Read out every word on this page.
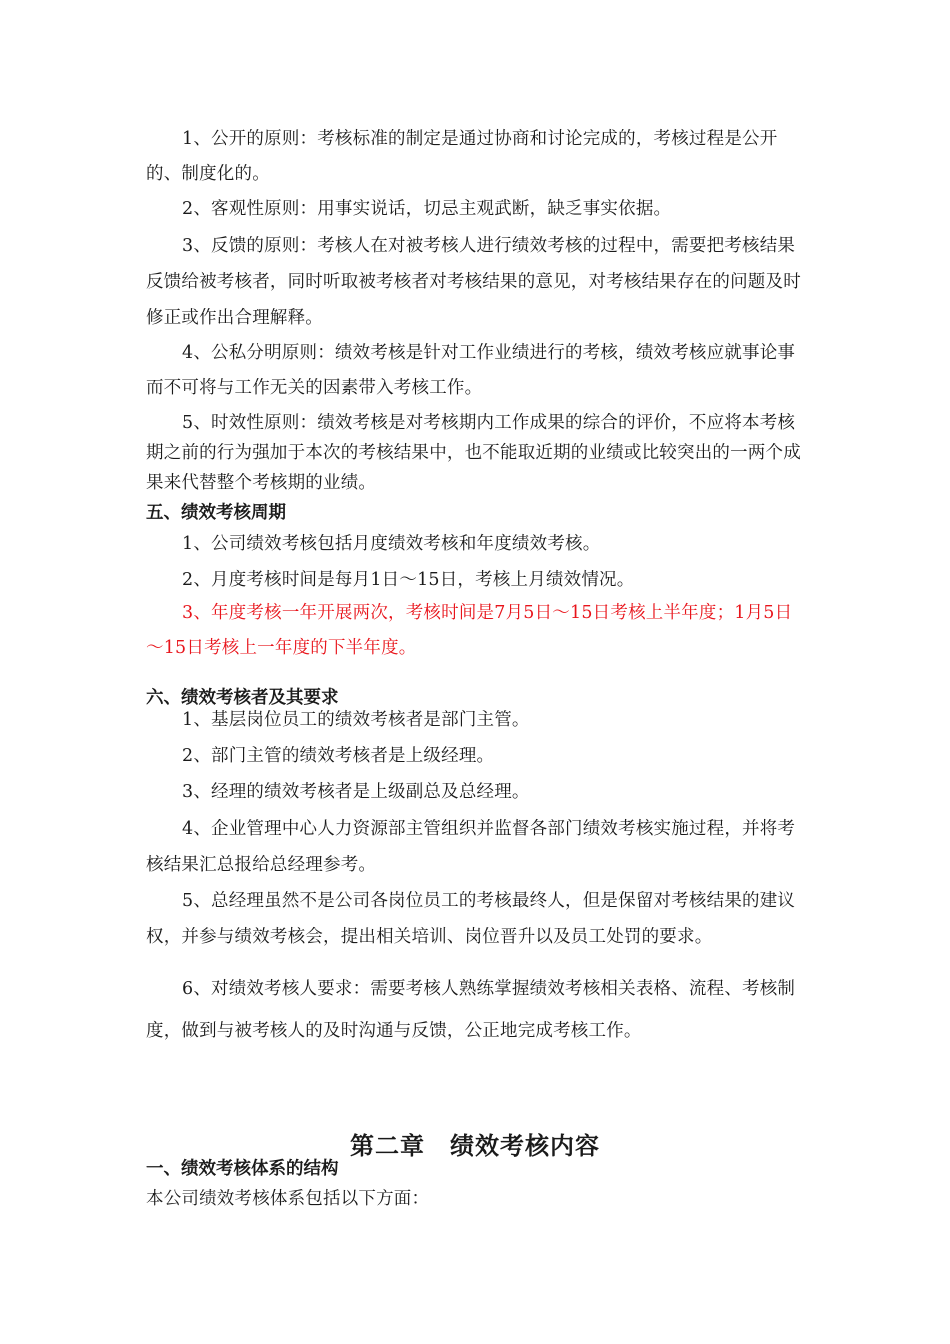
1、公开的原则：考核标准的制定是通过协商和讨论完成的，考核过程是公开的、制度化的。

2、客观性原则：用事实说话，切忌主观武断，缺乏事实依据。

3、反馈的原则：考核人在对被考核人进行绩效考核的过程中，需要把考核结果反馈给被考核者，同时听取被考核者对考核结果的意见，对考核结果存在的问题及时修正或作出合理解释。

4、公私分明原则：绩效考核是针对工作业绩进行的考核，绩效考核应就事论事而不可将与工作无关的因素带入考核工作。

5、时效性原则：绩效考核是对考核期内工作成果的综合的评价，不应将本考核期之前的行为强加于本次的考核结果中，也不能取近期的业绩或比较突出的一两个成果来代替整个考核期的业绩。

五、绩效考核周期

1、公司绩效考核包括月度绩效考核和年度绩效考核。

2、月度考核时间是每月1日～15日，考核上月绩效情况。

3、年度考核一年开展两次，考核时间是7月5日～15日考核上半年度；1月5日～15日考核上一年度的下半年度。

六、绩效考核者及其要求

1、基层岗位员工的绩效考核者是部门主管。

2、部门主管的绩效考核者是上级经理。

3、经理的绩效考核者是上级副总及总经理。

4、企业管理中心人力资源部主管组织并监督各部门绩效考核实施过程，并将考核结果汇总报给总经理参考。

5、总经理虽然不是公司各岗位员工的考核最终人，但是保留对考核结果的建议权，并参与绩效考核会，提出相关培训、岗位晋升以及员工处罚的要求。

6、对绩效考核人要求：需要考核人熟练掌握绩效考核相关表格、流程、考核制度，做到与被考核人的及时沟通与反馈，公正地完成考核工作。

第二章　绩效考核内容

一、绩效考核体系的结构

本公司绩效考核体系包括以下方面：
